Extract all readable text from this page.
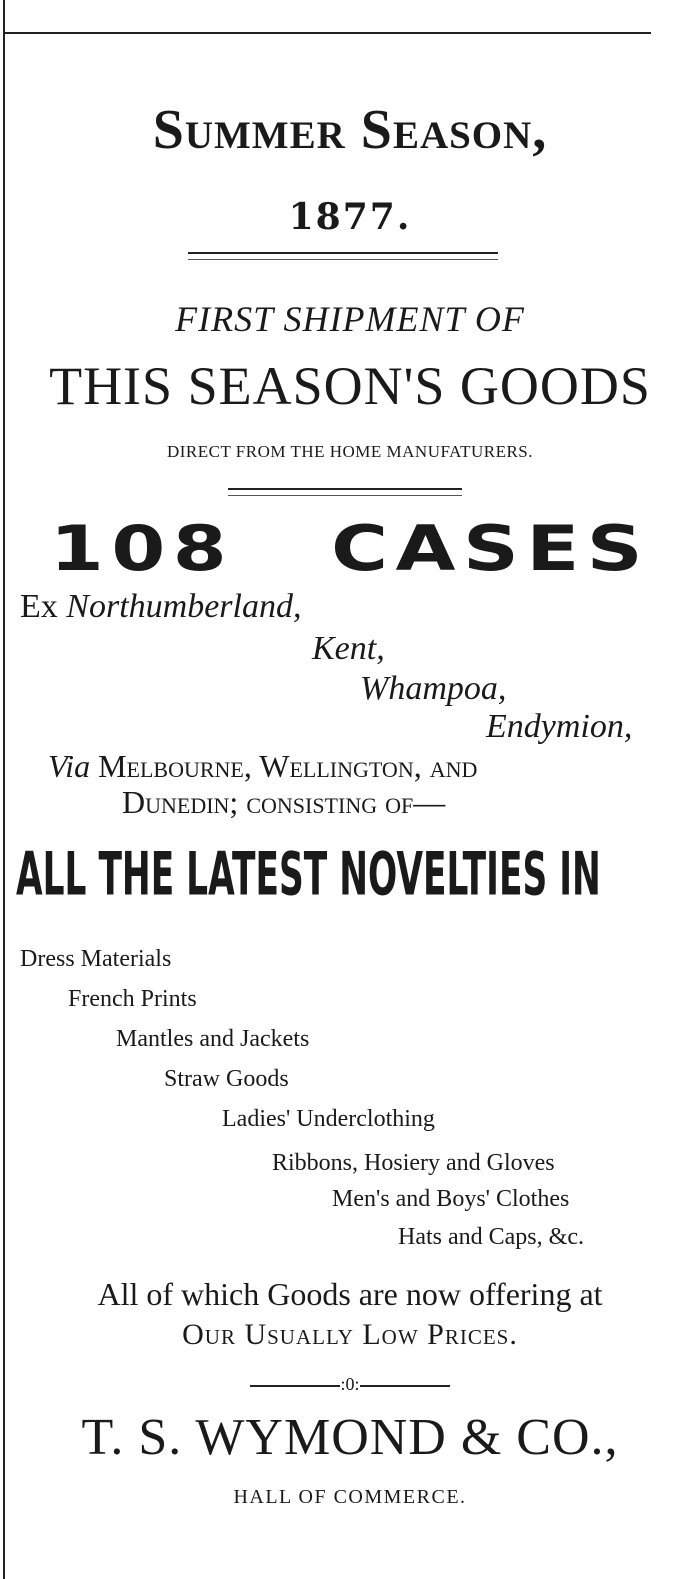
Summer Season,
1877.
FIRST SHIPMENT OF
THIS SEASON'S GOODS
DIRECT FROM THE HOME MANUFATURERS.
108 CASES
Ex Northumberland,
Kent,
Whampoa,
Endymion,
Via Melbourne, Wellington, and
Dunedin; consisting of—
ALL THE LATEST NOVELTIES IN
Dress Materials
French Prints
Mantles and Jackets
Straw Goods
Ladies' Underclothing
Ribbons, Hosiery and Gloves
Men's and Boys' Clothes
Hats and Caps, &c.
All of which Goods are now offering at
Our Usually Low Prices.
:0:
T. S. WYMOND & CO.,
HALL OF COMMERCE.
